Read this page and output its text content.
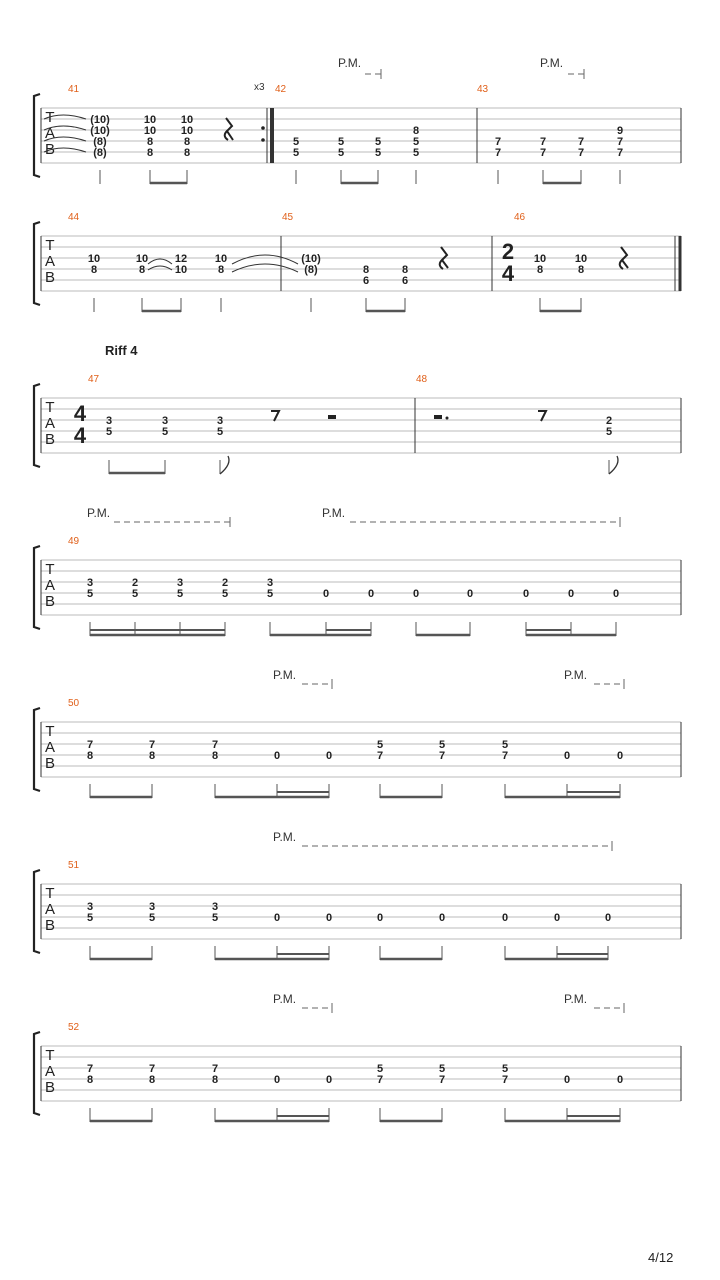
41	42	43
x3
P.M.	P.M.
44	45	46
Riff 4
47	48
P.M.	P.M.
49
P.M.	P.M.
50
P.M.
51
P.M.	P.M.
52
4/12
T
A
B
T
A
B
T
A
B
T
A
B
T
A
B
T
A
B
T
A
B
(10)
(10)
(8)
(8)
10
10
8
8
10
10
8
8
5
5
5
5
5
5
8
5
5
7
7
7
7
7
7
9
7
7
10
8
10
8
12
10
10
8
(10)
(8)	8
6
8
6
2
4
10
8
10
8
4
4
3
5
3
5
3
5
2
5
3
5
2
5
3
5
2
5
3
5	0	0	0	0	0	0	0
7
8
7
8
7
8	0	0
5
7
5
7
5
7	0	0
3
5
3
5
3
5	0	0	0	0	0	0	0
7
8
7
8
7
8	0	0
5
7
5
7
5
7	0	0
